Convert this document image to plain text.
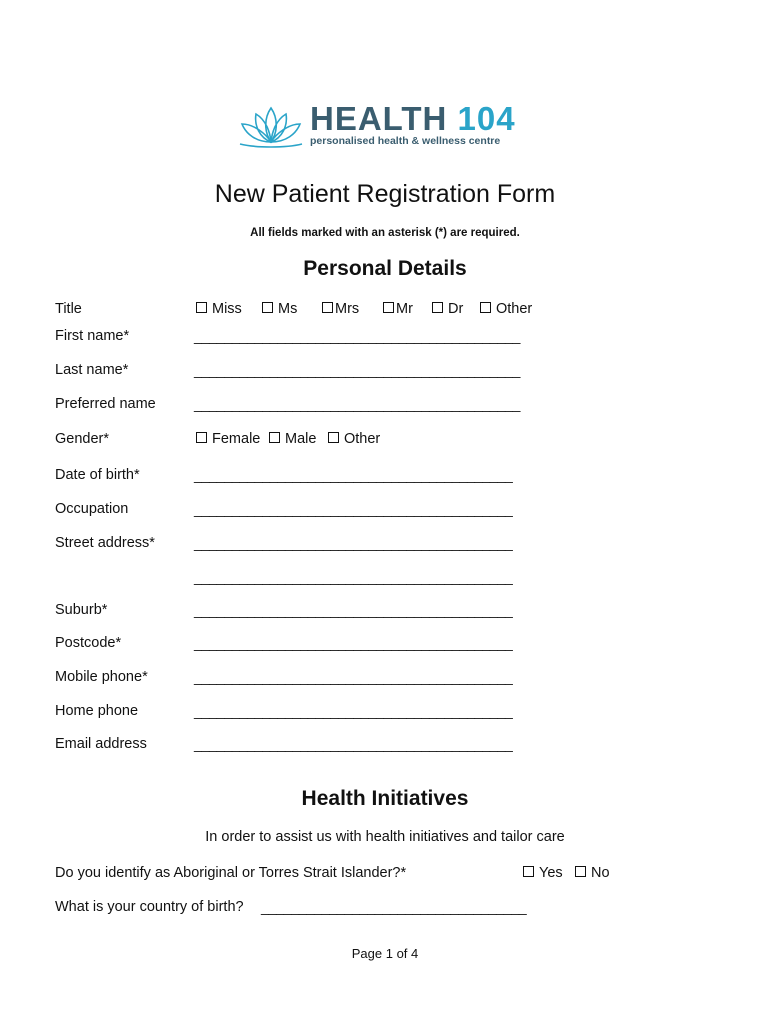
HEALTH 104
personalised health & wellness centre
New Patient Registration Form
All fields marked with an asterisk (*) are required.
Personal Details
Title	Miss	Ms	Mrs	Mr	Dr	Other
First name*	___________________________________________
Last name*	___________________________________________
Preferred name	___________________________________________
Gender*	Female	Male	Other
Date of birth*	__________________________________________
Occupation	__________________________________________
Street address*	__________________________________________
__________________________________________
Suburb*	__________________________________________
Postcode*	__________________________________________
Mobile phone*	__________________________________________
Home phone	__________________________________________
Email address	__________________________________________
Health Initiatives
In order to assist us with health initiatives and tailor care
Do you identify as Aboriginal or Torres Strait Islander?*	Yes	No
What is your country of birth? ___________________________________
Page 1 of 4
